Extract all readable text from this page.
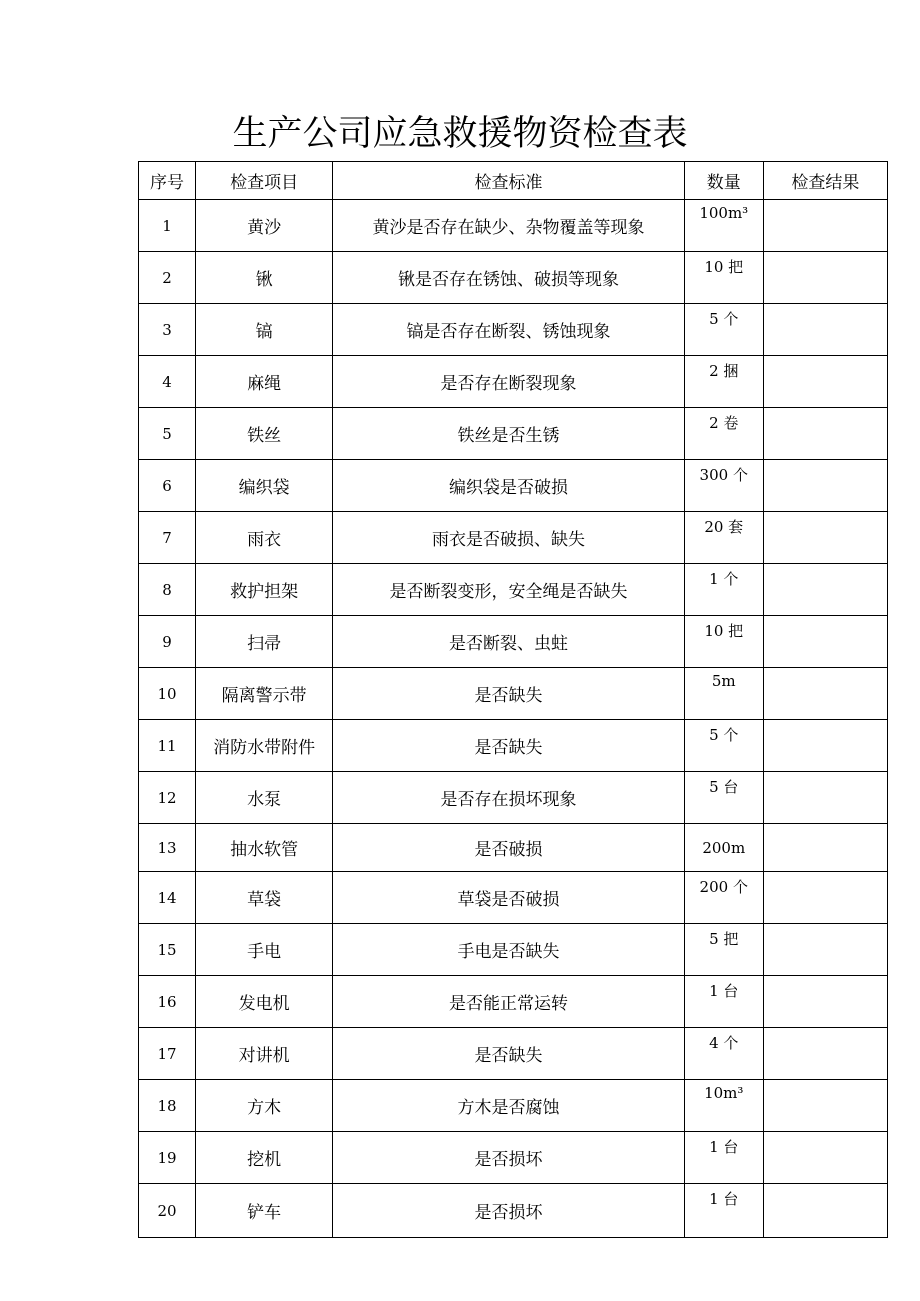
生产公司应急救援物资检查表
序号	检查项目	检查标准	数量	检查结果
1	黄沙	黄沙是否存在缺少、杂物覆盖等现象	100m³	
2	锹	锹是否存在锈蚀、破损等现象	10 把	
3	镐	镐是否存在断裂、锈蚀现象	5 个	
4	麻绳	是否存在断裂现象	2 捆	
5	铁丝	铁丝是否生锈	2 卷	
6	编织袋	编织袋是否破损	300 个	
7	雨衣	雨衣是否破损、缺失	20 套	
8	救护担架	是否断裂变形，安全绳是否缺失	1 个	
9	扫帚	是否断裂、虫蛀	10 把	
10	隔离警示带	是否缺失	5m	
11	消防水带附件	是否缺失	5 个	
12	水泵	是否存在损坏现象	5 台	
13	抽水软管	是否破损	200m	
14	草袋	草袋是否破损	200 个	
15	手电	手电是否缺失	5 把	
16	发电机	是否能正常运转	1 台	
17	对讲机	是否缺失	4 个	
18	方木	方木是否腐蚀	10m³	
19	挖机	是否损坏	1 台	
20	铲车	是否损坏	1 台	
